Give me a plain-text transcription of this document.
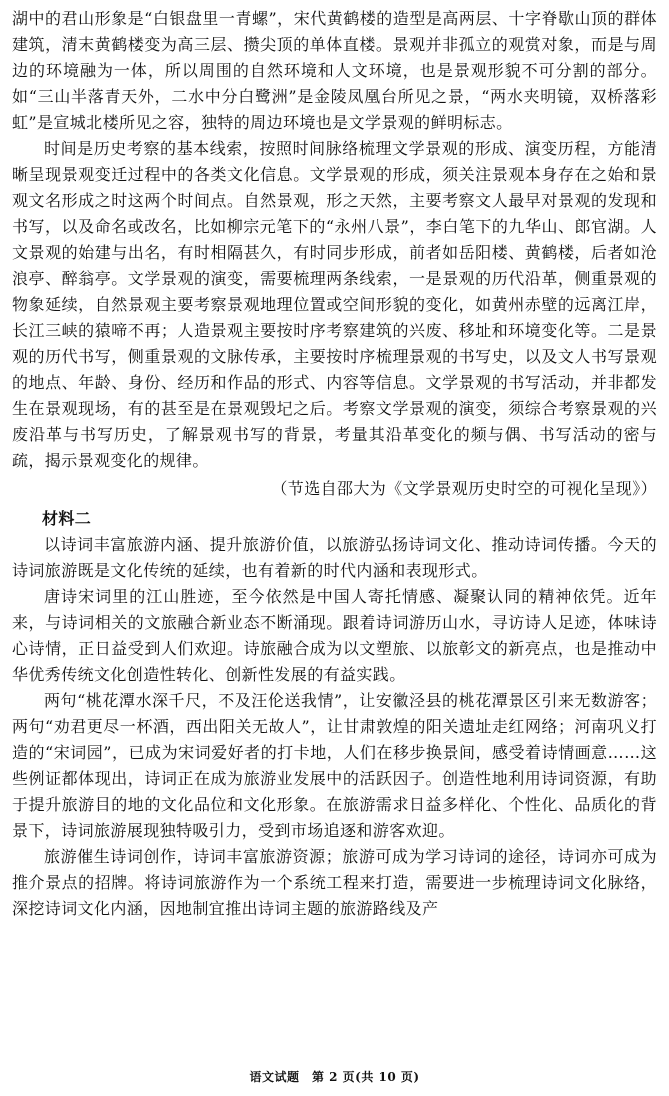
湖中的君山形象是“白银盘里一青螺”，宋代黄鹤楼的造型是高两层、十字脊歇山顶的群体建筑，清末黄鹤楼变为高三层、攒尖顶的单体直楼。景观并非孤立的观赏对象，而是与周边的环境融为一体，所以周围的自然环境和人文环境，也是景观形貌不可分割的部分。如“三山半落青天外，二水中分白鹭洲”是金陵凤凰台所见之景，“两水夹明镜，双桥落彩虹”是宣城北楼所见之容，独特的周边环境也是文学景观的鲜明标志。

时间是历史考察的基本线索，按照时间脉络梳理文学景观的形成、演变历程，方能清晰呈现景观变迁过程中的各类文化信息。文学景观的形成，须关注景观本身存在之始和景观文名形成之时这两个时间点。自然景观，形之天然，主要考察文人最早对景观的发现和书写，以及命名或改名，比如柳宗元笔下的“永州八景”，李白笔下的九华山、郎官湖。人文景观的始建与出名，有时相隔甚久，有时同步形成，前者如岳阳楼、黄鹤楼，后者如沧浪亭、醉翁亭。文学景观的演变，需要梳理两条线索，一是景观的历代沿革，侧重景观的物象延续，自然景观主要考察景观地理位置或空间形貌的变化，如黄州赤壁的远离江岸，长江三峡的猿啼不再；人造景观主要按时序考察建筑的兴废、移址和环境变化等。二是景观的历代书写，侧重景观的文脉传承，主要按时序梳理景观的书写史，以及文人书写景观的地点、年龄、身份、经历和作品的形式、内容等信息。文学景观的书写活动，并非都发生在景观现场，有的甚至是在景观毁圮之后。考察文学景观的演变，须综合考察景观的兴废沿革与书写历史，了解景观书写的背景，考量其沿革变化的频与偶、书写活动的密与疏，揭示景观变化的规律。

（节选自邵大为《文学景观历史时空的可视化呈现》）

材料二

以诗词丰富旅游内涵、提升旅游价值，以旅游弘扬诗词文化、推动诗词传播。今天的诗词旅游既是文化传统的延续，也有着新的时代内涵和表现形式。

唐诗宋词里的江山胜迹，至今依然是中国人寄托情感、凝聚认同的精神依凭。近年来，与诗词相关的文旅融合新业态不断涌现。跟着诗词游历山水，寻访诗人足迹，体味诗心诗情，正日益受到人们欢迎。诗旅融合成为以文塑旅、以旅彰文的新亮点，也是推动中华优秀传统文化创造性转化、创新性发展的有益实践。

两句“桃花潭水深千尺，不及汪伦送我情”，让安徽泾县的桃花潭景区引来无数游客；两句“劝君更尽一杯酒，西出阳关无故人”，让甘肃敦煌的阳关遗址走红网络；河南巩义打造的“宋词园”，已成为宋词爱好者的打卡地，人们在移步换景间，感受着诗情画意……这些例证都体现出，诗词正在成为旅游业发展中的活跃因子。创造性地利用诗词资源，有助于提升旅游目的地的文化品位和文化形象。在旅游需求日益多样化、个性化、品质化的背景下，诗词旅游展现独特吸引力，受到市场追逐和游客欢迎。

旅游催生诗词创作，诗词丰富旅游资源；旅游可成为学习诗词的途径，诗词亦可成为推介景点的招牌。将诗词旅游作为一个系统工程来打造，需要进一步梳理诗词文化脉络，深挖诗词文化内涵，因地制宜推出诗词主题的旅游路线及产

语文试题　第 2 页(共 10 页)
